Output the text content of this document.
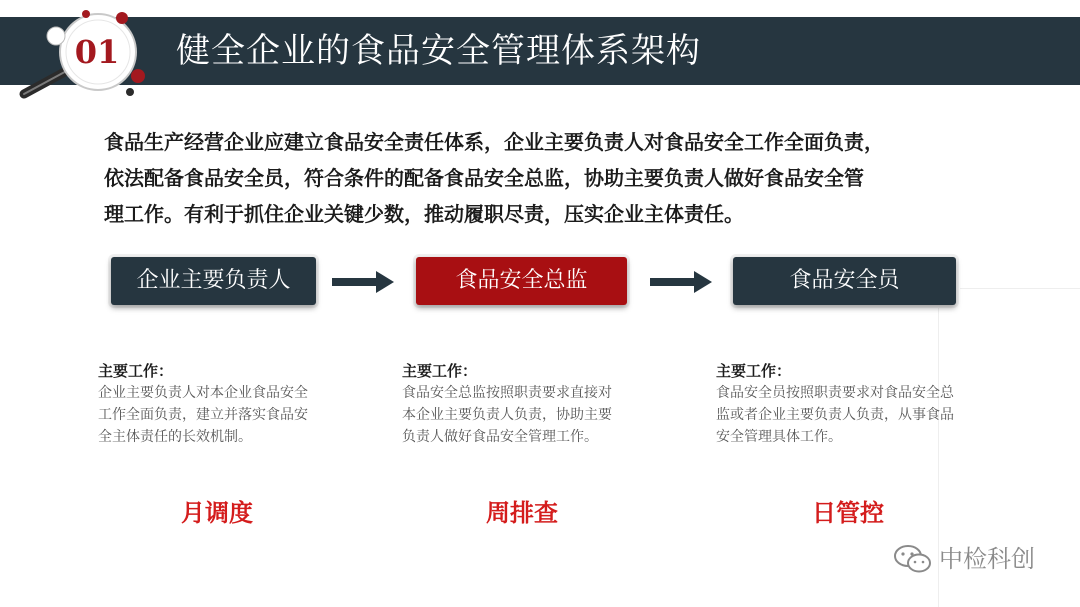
01 健全企业的食品安全管理体系架构

食品生产经营企业应建立食品安全责任体系，企业主要负责人对食品安全工作全面负责，

依法配备食品安全员，符合条件的配备食品安全总监，协助主要负责人做好食品安全管

理工作。有利于抓住企业关键少数，推动履职尽责，压实企业主体责任。

企业主要负责人	食品安全总监	食品安全员

主要工作：

企业主要负责人对本企业食品安全

工作全面负责，建立并落实食品安

全主体责任的长效机制。

主要工作：

食品安全总监按照职责要求直接对

本企业主要负责人负责，协助主要

负责人做好食品安全管理工作。

主要工作：

食品安全员按照职责要求对食品安全总

监或者企业主要负责人负责，从事食品

安全管理具体工作。

月调度	周排查	日管控
中检科创
